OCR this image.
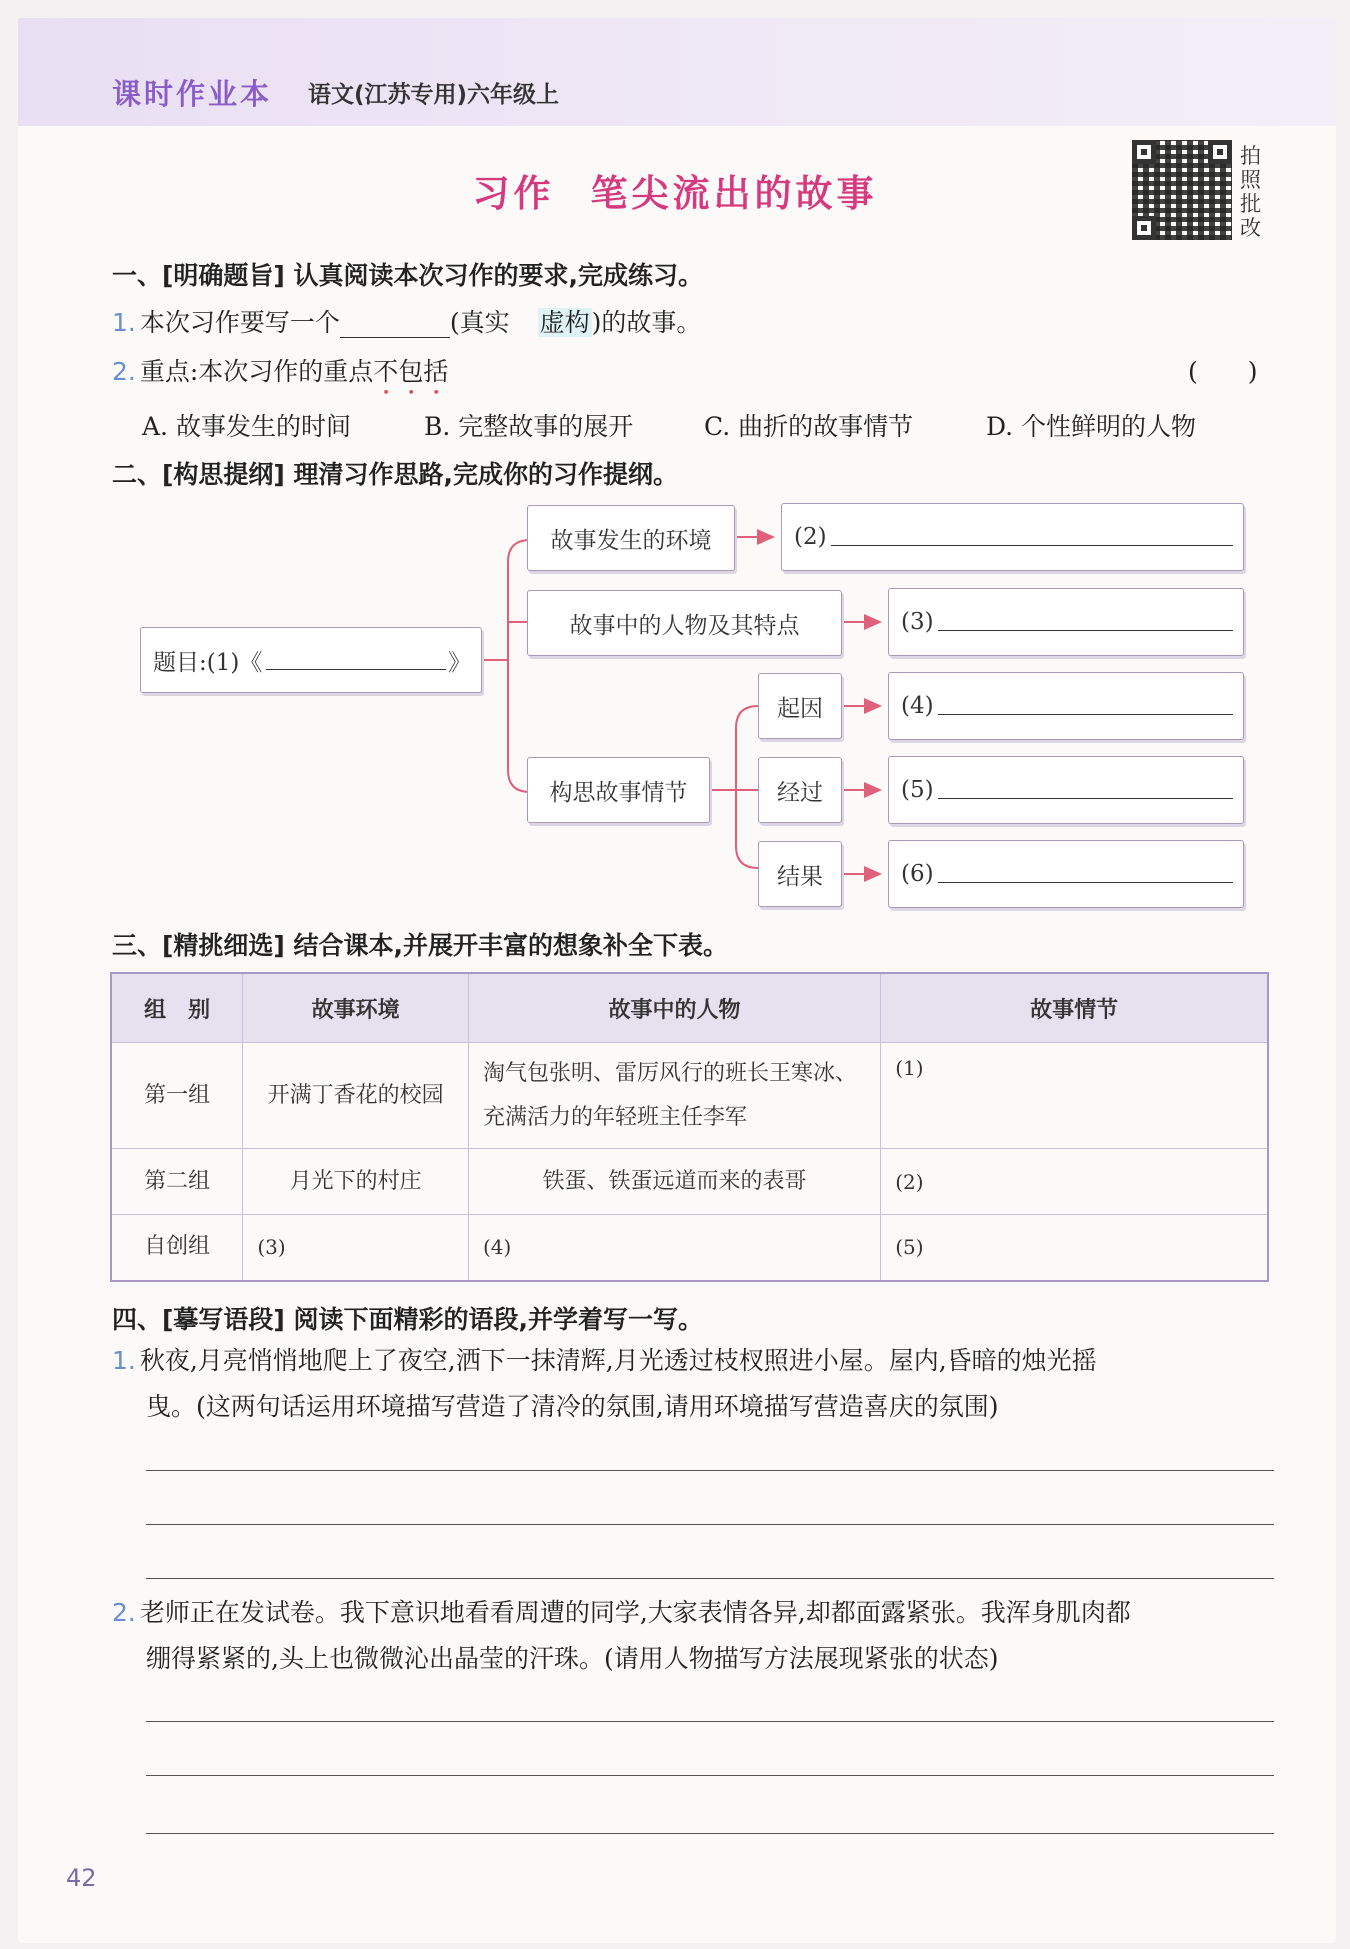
课时作业本 语文(江苏专用)六年级上
习作 笔尖流出的故事
拍照批改
一、[明确题旨] 认真阅读本次习作的要求,完成练习。
1. 本次习作要写一个	(真实 虚构)的故事。
2. 重点:本次习作的重点不包括	(　　)
A. 故事发生的时间	B. 完整故事的展开	C. 曲折的故事情节	D. 个性鲜明的人物
二、[构思提纲] 理清习作思路,完成你的习作提纲。
题目:(1)《	》
故事发生的环境
故事中的人物及其特点
构思故事情节
起因
经过
结果
(2)
(3)
(4)
(5)
(6)
三、[精挑细选] 结合课本,并展开丰富的想象补全下表。
组　别	故事环境	故事中的人物	故事情节
第一组	开满丁香花的校园	淘气包张明、雷厉风行的班长王寒冰、充满活力的年轻班主任李军	(1)
第二组	月光下的村庄	铁蛋、铁蛋远道而来的表哥	(2)
自创组	(3)	(4)	(5)
四、[摹写语段] 阅读下面精彩的语段,并学着写一写。
1. 秋夜,月亮悄悄地爬上了夜空,洒下一抹清辉,月光透过枝杈照进小屋。屋内,昏暗的烛光摇
曳。(这两句话运用环境描写营造了清冷的氛围,请用环境描写营造喜庆的氛围)
2. 老师正在发试卷。我下意识地看看周遭的同学,大家表情各异,却都面露紧张。我浑身肌肉都
绷得紧紧的,头上也微微沁出晶莹的汗珠。(请用人物描写方法展现紧张的状态)
42
